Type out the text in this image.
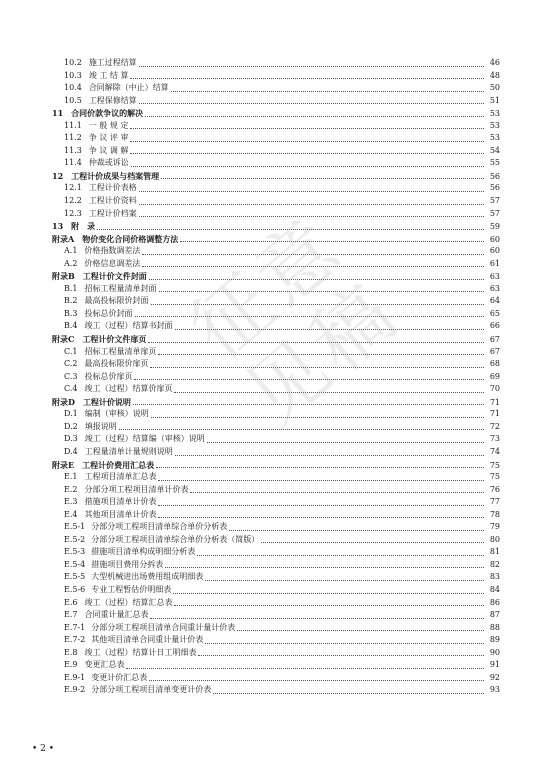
10.2 施工过程结算	46
10.3 竣 工 结 算	48
10.4 合同解除（中止）结算	50
10.5 工程保修结算	51
11 合同价款争议的解决	53
11.1 一 般 规 定	53
11.2 争 议 评 审	53
11.3 争 议 调 解	54
11.4 仲裁或诉讼	55
12 工程计价成果与档案管理	56
12.1 工程计价表格	56
12.2 工程计价资料	57
12.3 工程计价档案	57
13 附　录	59
附录A 物价变化合同价格调整方法	60
A.1 价格指数调差法	60
A.2 价格信息调差法	61
附录B 工程计价文件封面	63
B.1 招标工程量清单封面	63
B.2 最高投标限价封面	64
B.3 投标总价封面	65
B.4 竣工（过程）结算书封面	66
附录C 工程计价文件扉页	67
C.1 招标工程量清单扉页	67
C.2 最高投标限价扉页	68
C.3 投标总价扉页	69
C.4 竣工（过程）结算价扉页	70
附录D 工程计价说明	71
D.1 编制（审核）说明	71
D.2 填报说明	72
D.3 竣工（过程）结算编（审核）说明	73
D.4 工程量清单计量规则说明	74
附录E 工程计价费用汇总表	75
E.1 工程项目清单汇总表	75
E.2 分部分项工程项目清单计价表	76
E.3 措施项目清单计价表	77
E.4 其他项目清单计价表	78
E.5-1 分部分项工程项目清单综合单价分析表	79
E.5-2 分部分项工程项目清单综合单价分析表（简版）	80
E.5-3 措施项目清单构成明细分析表	81
E.5-4 措施项目费用分拆表	82
E.5-5 大型机械进出场费用组成明细表	83
E.5-6 专业工程暂估价明细表	84
E.6 竣工（过程）结算汇总表	86
E.7 合同重计量汇总表	87
E.7-1 分部分项工程项目清单合同重计量计价表	88
E.7-2 其他项目清单合同重计量计价表	89
E.8 竣工（过程）结算计日工明细表	90
E.9 变更汇总表	91
E.9-1 变更计价汇总表	92
E.9-2 分部分项工程项目清单变更计价表	93
征意见稿
• 2 •
